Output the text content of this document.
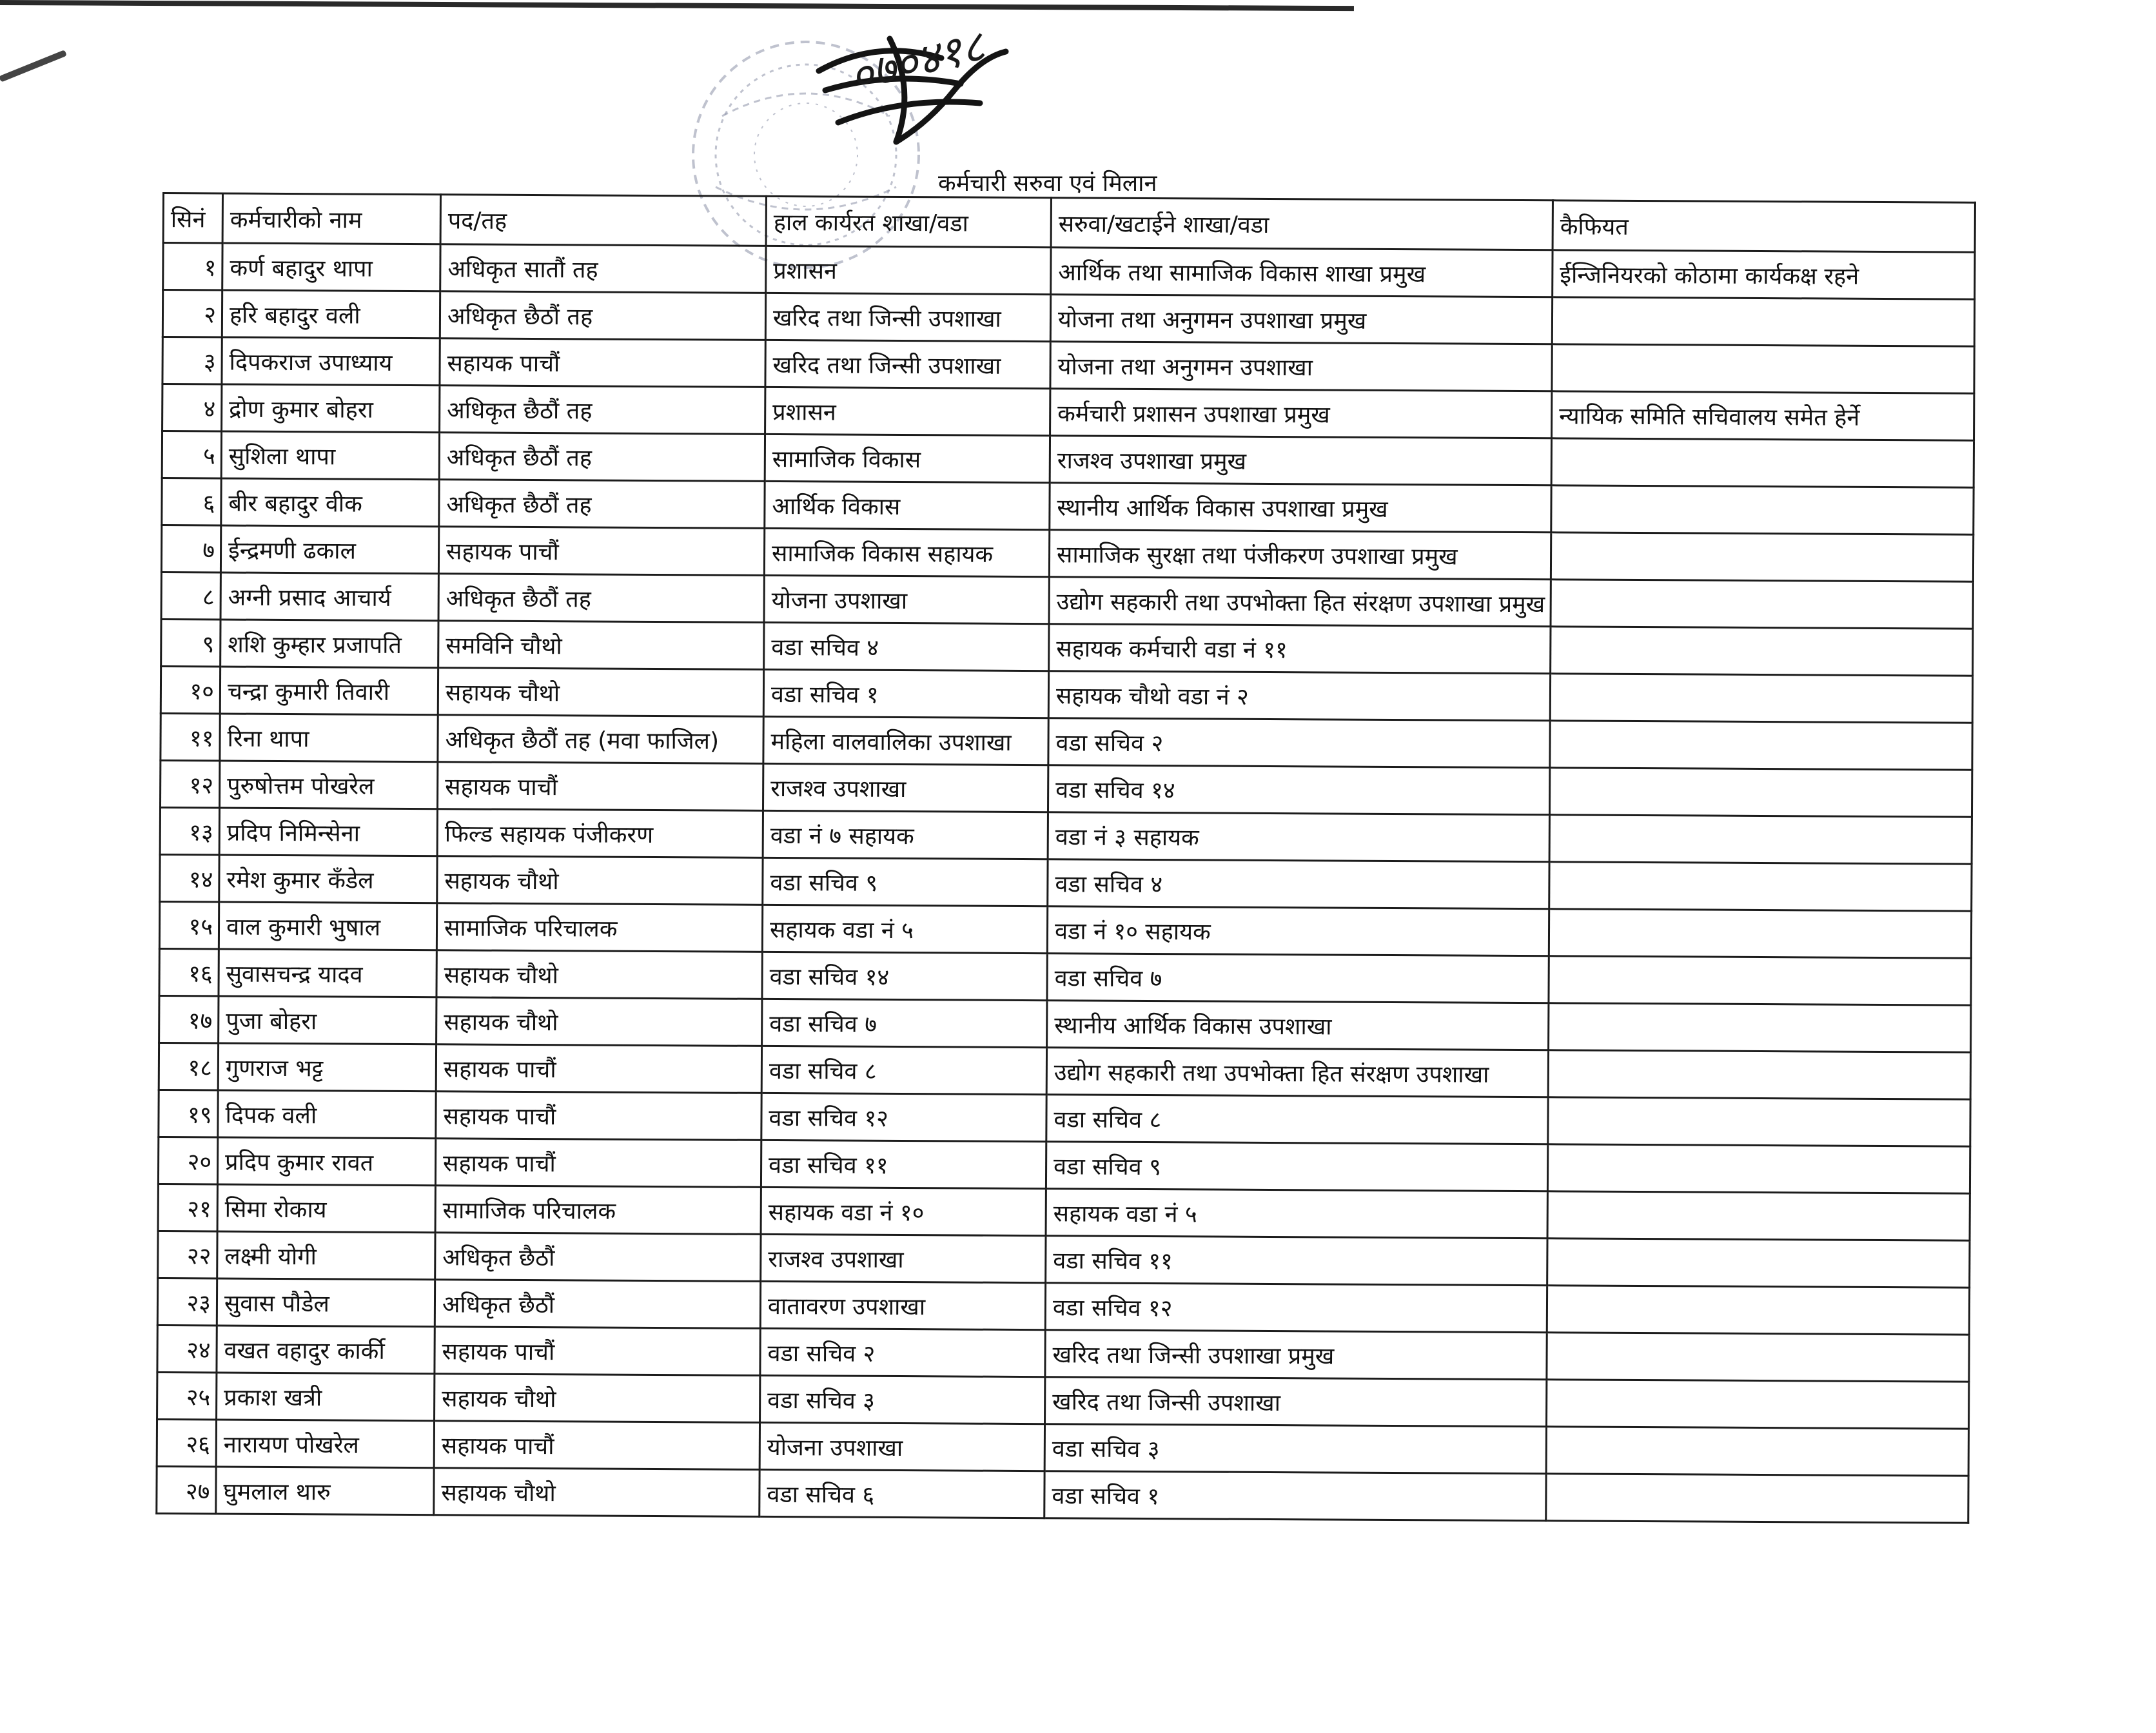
०७०४१८
कर्मचारी सरुवा एवं मिलान
सिनं	कर्मचारीको नाम	पद/तह	हाल कार्यरत शाखा/वडा	सरुवा/खटाईने शाखा/वडा	कैफियत
१	कर्ण बहादुर थापा	अधिकृत सातौं तह	प्रशासन	आर्थिक तथा सामाजिक विकास शाखा प्रमुख	ईन्जिनियरको कोठामा कार्यकक्ष रहने
२	हरि बहादुर वली	अधिकृत छैठौं तह	खरिद तथा जिन्सी उपशाखा	योजना तथा अनुगमन उपशाखा प्रमुख	
३	दिपकराज उपाध्याय	सहायक पाचौं	खरिद तथा जिन्सी उपशाखा	योजना तथा अनुगमन उपशाखा	
४	द्रोण कुमार बोहरा	अधिकृत छैठौं तह	प्रशासन	कर्मचारी प्रशासन उपशाखा प्रमुख	न्यायिक समिति सचिवालय समेत हेर्ने
५	सुशिला थापा	अधिकृत छैठौं तह	सामाजिक विकास	राजश्व उपशाखा प्रमुख	
६	बीर बहादुर वीक	अधिकृत छैठौं तह	आर्थिक विकास	स्थानीय आर्थिक विकास उपशाखा प्रमुख	
७	ईन्द्रमणी ढकाल	सहायक पाचौं	सामाजिक विकास सहायक	सामाजिक सुरक्षा तथा पंजीकरण उपशाखा प्रमुख	
८	अग्नी प्रसाद आचार्य	अधिकृत छैठौं तह	योजना उपशाखा	उद्योग सहकारी तथा उपभोक्ता हित संरक्षण उपशाखा प्रमुख	
९	शशि कुम्हार प्रजापति	समविनि चौथो	वडा सचिव ४	सहायक कर्मचारी वडा नं ११	
१०	चन्द्रा कुमारी तिवारी	सहायक चौथो	वडा सचिव १	सहायक चौथो वडा नं २	
११	रिना थापा	अधिकृत छैठौं तह (मवा फाजिल)	महिला वालवालिका उपशाखा	वडा सचिव २	
१२	पुरुषोत्तम पोखरेल	सहायक पाचौं	राजश्व उपशाखा	वडा सचिव १४	
१३	प्रदिप निमिन्सेना	फिल्ड सहायक पंजीकरण	वडा नं ७ सहायक	वडा नं ३ सहायक	
१४	रमेश कुमार कँडेल	सहायक चौथो	वडा सचिव ९	वडा सचिव ४	
१५	वाल कुमारी भुषाल	सामाजिक परिचालक	सहायक वडा नं ५	वडा नं १० सहायक	
१६	सुवासचन्द्र यादव	सहायक चौथो	वडा सचिव १४	वडा सचिव ७	
१७	पुजा बोहरा	सहायक चौथो	वडा सचिव ७	स्थानीय आर्थिक विकास उपशाखा	
१८	गुणराज भट्ट	सहायक पाचौं	वडा सचिव ८	उद्योग सहकारी तथा उपभोक्ता हित संरक्षण उपशाखा	
१९	दिपक वली	सहायक पाचौं	वडा सचिव १२	वडा सचिव ८	
२०	प्रदिप कुमार रावत	सहायक पाचौं	वडा सचिव ११	वडा सचिव ९	
२१	सिमा रोकाय	सामाजिक परिचालक	सहायक वडा नं १०	सहायक वडा नं ५	
२२	लक्ष्मी योगी	अधिकृत छैठौं	राजश्व उपशाखा	वडा सचिव ११	
२३	सुवास पौडेल	अधिकृत छैठौं	वातावरण उपशाखा	वडा सचिव १२	
२४	वखत वहादुर कार्की	सहायक पाचौं	वडा सचिव २	खरिद तथा जिन्सी उपशाखा प्रमुख	
२५	प्रकाश खत्री	सहायक चौथो	वडा सचिव ३	खरिद तथा जिन्सी उपशाखा	
२६	नारायण पोखरेल	सहायक पाचौं	योजना उपशाखा	वडा सचिव ३	
२७	घुमलाल थारु	सहायक चौथो	वडा सचिव ६	वडा सचिव १	
